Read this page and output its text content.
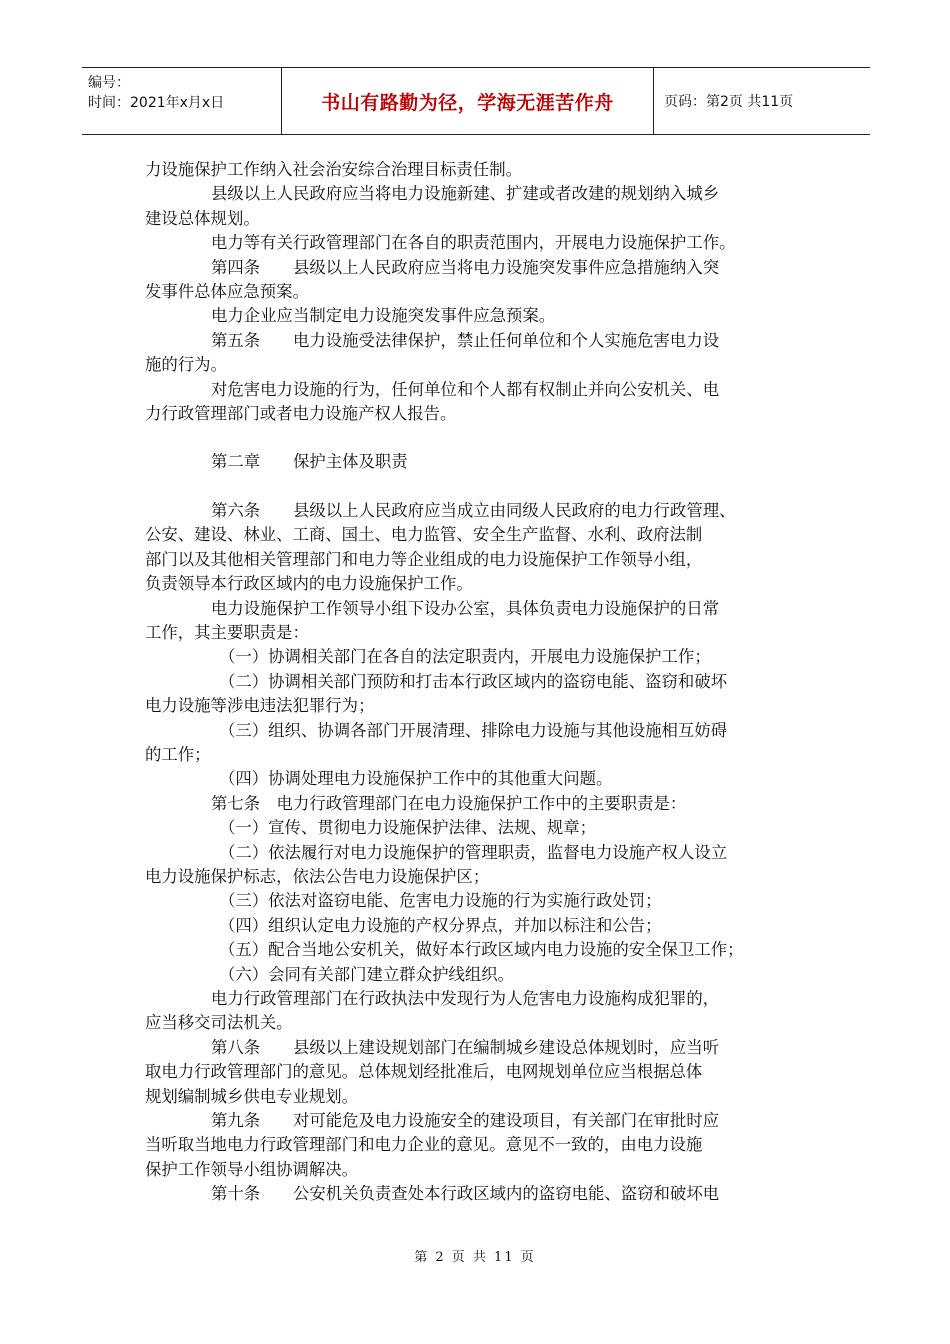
编号：
时间：2021年x月x日	书山有路勤为径，学海无涯苦作舟	页码：第2页 共11页
力设施保护工作纳入社会治安综合治理目标责任制。
县级以上人民政府应当将电力设施新建、扩建或者改建的规划纳入城乡
建设总体规划。
电力等有关行政管理部门在各自的职责范围内，开展电力设施保护工作。
第四条　　县级以上人民政府应当将电力设施突发事件应急措施纳入突
发事件总体应急预案。
电力企业应当制定电力设施突发事件应急预案。
第五条　　电力设施受法律保护，禁止任何单位和个人实施危害电力设
施的行为。
对危害电力设施的行为，任何单位和个人都有权制止并向公安机关、电
力行政管理部门或者电力设施产权人报告。
第二章　　保护主体及职责
第六条　　县级以上人民政府应当成立由同级人民政府的电力行政管理、
公安、建设、林业、工商、国土、电力监管、安全生产监督、水利、政府法制
部门以及其他相关管理部门和电力等企业组成的电力设施保护工作领导小组，
负责领导本行政区域内的电力设施保护工作。
电力设施保护工作领导小组下设办公室，具体负责电力设施保护的日常
工作，其主要职责是：
（一）协调相关部门在各自的法定职责内，开展电力设施保护工作；
（二）协调相关部门预防和打击本行政区域内的盗窃电能、盗窃和破坏
电力设施等涉电违法犯罪行为；
（三）组织、协调各部门开展清理、排除电力设施与其他设施相互妨碍
的工作；
（四）协调处理电力设施保护工作中的其他重大问题。
第七条　电力行政管理部门在电力设施保护工作中的主要职责是：
（一）宣传、贯彻电力设施保护法律、法规、规章；
（二）依法履行对电力设施保护的管理职责，监督电力设施产权人设立
电力设施保护标志，依法公告电力设施保护区；
（三）依法对盗窃电能、危害电力设施的行为实施行政处罚；
（四）组织认定电力设施的产权分界点，并加以标注和公告；
（五）配合当地公安机关，做好本行政区域内电力设施的安全保卫工作；
（六）会同有关部门建立群众护线组织。
电力行政管理部门在行政执法中发现行为人危害电力设施构成犯罪的，
应当移交司法机关。
第八条　　县级以上建设规划部门在编制城乡建设总体规划时，应当听
取电力行政管理部门的意见。总体规划经批准后，电网规划单位应当根据总体
规划编制城乡供电专业规划。
第九条　　对可能危及电力设施安全的建设项目，有关部门在审批时应
当听取当地电力行政管理部门和电力企业的意见。意见不一致的，由电力设施
保护工作领导小组协调解决。
第十条　　公安机关负责查处本行政区域内的盗窃电能、盗窃和破坏电
第 2 页 共 11 页
